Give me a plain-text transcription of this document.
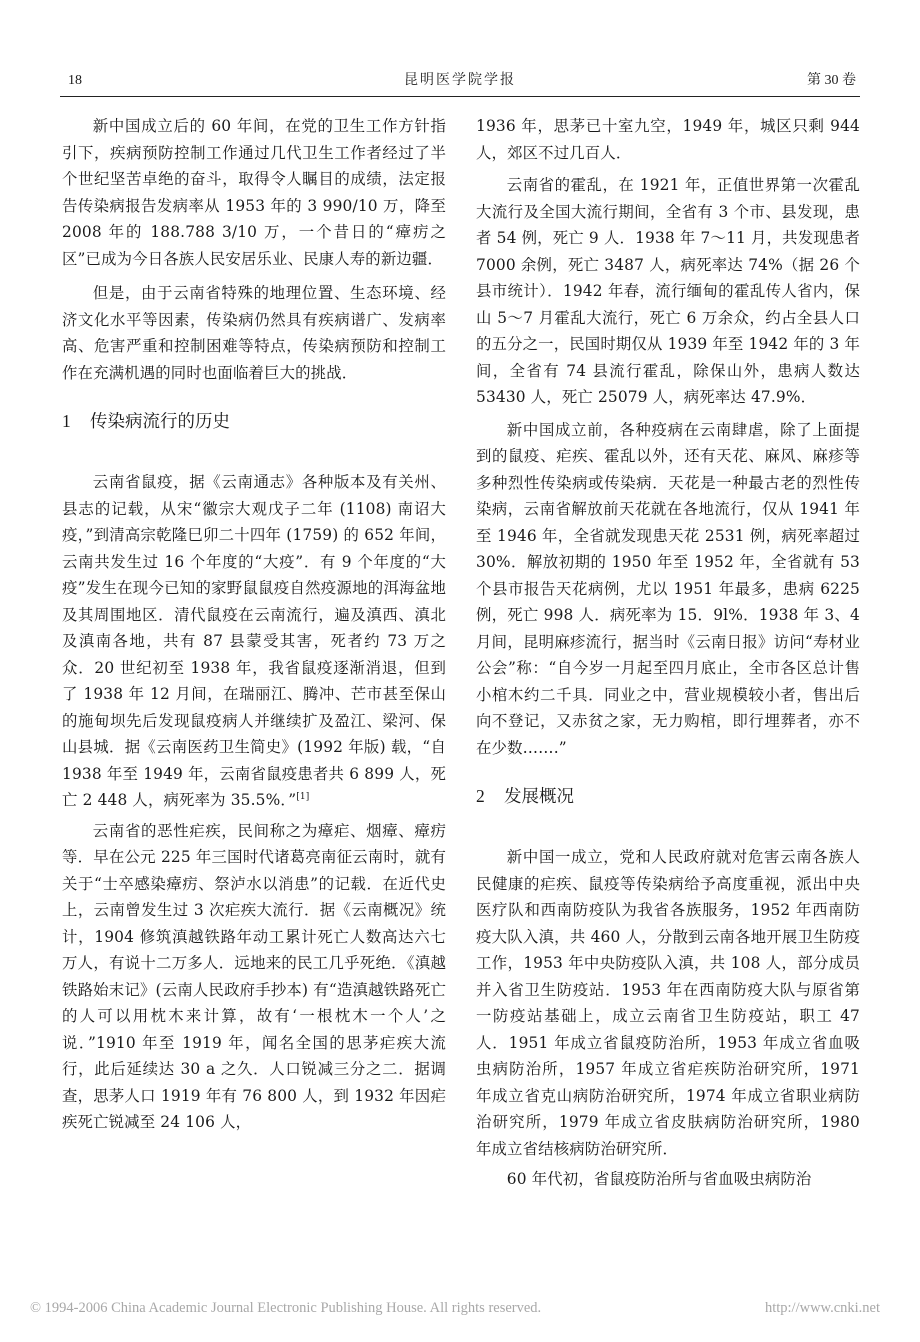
18	昆明医学院学报	第 30 卷

新中国成立后的 60 年间，在党的卫生工作方针指引下，疾病预防控制工作通过几代卫生工作者经过了半个世纪坚苦卓绝的奋斗，取得令人瞩目的成绩，法定报告传染病报告发病率从 1953 年的 3 990/10 万，降至 2008 年的 188.788 3/10 万，一个昔日的“瘴疠之区”已成为今日各族人民安居乐业、民康人寿的新边疆．

但是，由于云南省特殊的地理位置、生态环境、经济文化水平等因素，传染病仍然具有疾病谱广、发病率高、危害严重和控制困难等特点，传染病预防和控制工作在充满机遇的同时也面临着巨大的挑战．

1 传染病流行的历史

云南省鼠疫，据《云南通志》各种版本及有关州、县志的记载，从宋“徽宗大观戊子二年 (1108) 南诏大疫，”到清高宗乾隆巳卯二十四年 (1759) 的 652 年间，云南共发生过 16 个年度的“大疫”．有 9 个年度的“大疫”发生在现今已知的家野鼠鼠疫自然疫源地的洱海盆地及其周围地区．清代鼠疫在云南流行，遍及滇西、滇北及滇南各地，共有 87 县蒙受其害，死者约 73 万之众．20 世纪初至 1938 年，我省鼠疫逐渐消退，但到了 1938 年 12 月间，在瑞丽江、腾冲、芒市甚至保山的施甸坝先后发现鼠疫病人并继续扩及盈江、梁河、保山县城．据《云南医药卫生简史》(1992 年版) 载，“自 1938 年至 1949 年，云南省鼠疫患者共 6 899 人，死亡 2 448 人，病死率为 35.5%．”[1]

云南省的恶性疟疾，民间称之为瘴疟、烟瘴、瘴疠等．早在公元 225 年三国时代诸葛亮南征云南时，就有关于“士卒感染瘴疠、祭泸水以消患”的记载．在近代史上，云南曾发生过 3 次疟疾大流行．据《云南概况》统计，1904 修筑滇越铁路年动工累计死亡人数高达六七万人，有说十二万多人．远地来的民工几乎死绝．《滇越铁路始末记》(云南人民政府手抄本) 有“造滇越铁路死亡的人可以用枕木来计算，故有‘一根枕木一个人’之说．”1910 年至 1919 年，闻名全国的思茅疟疾大流行，此后延续达 30 a 之久．人口锐减三分之二．据调查，思茅人口 1919 年有 76 800 人，到 1932 年因疟疾死亡锐减至 24 106 人，

1936 年，思茅已十室九空，1949 年，城区只剩 944 人，郊区不过几百人．

云南省的霍乱，在 1921 年，正值世界第一次霍乱大流行及全国大流行期间，全省有 3 个市、县发现，患者 54 例，死亡 9 人．1938 年 7～11 月，共发现患者 7000 余例，死亡 3487 人，病死率达 74%（据 26 个县市统计）．1942 年春，流行缅甸的霍乱传人省内，保山 5～7 月霍乱大流行，死亡 6 万余众，约占全县人口的五分之一，民国时期仅从 1939 年至 1942 年的 3 年间，全省有 74 县流行霍乱，除保山外，患病人数达 53430 人，死亡 25079 人，病死率达 47.9%．

新中国成立前，各种疫病在云南肆虐，除了上面提到的鼠疫、疟疾、霍乱以外，还有天花、麻风、麻疹等多种烈性传染病或传染病．天花是一种最古老的烈性传染病，云南省解放前天花就在各地流行，仅从 1941 年至 1946 年，全省就发现患天花 2531 例，病死率超过 30%．解放初期的 1950 年至 1952 年，全省就有 53 个县市报告天花病例，尤以 1951 年最多，患病 6225 例，死亡 998 人．病死率为 15．9l%．1938 年 3、4 月间，昆明麻疹流行，据当时《云南日报》访问“寿材业公会”称：“自今岁一月起至四月底止，全市各区总计售小棺木约二千具．同业之中，营业规模较小者，售出后向不登记，又赤贫之家，无力购棺，即行埋葬者，亦不在少数…….”

2 发展概况

新中国一成立，党和人民政府就对危害云南各族人民健康的疟疾、鼠疫等传染病给予高度重视，派出中央医疗队和西南防疫队为我省各族服务，1952 年西南防疫大队入滇，共 460 人，分散到云南各地开展卫生防疫工作，1953 年中央防疫队入滇，共 108 人，部分成员并入省卫生防疫站．1953 年在西南防疫大队与原省第一防疫站基础上，成立云南省卫生防疫站，职工 47 人．1951 年成立省鼠疫防治所，1953 年成立省血吸虫病防治所，1957 年成立省疟疾防治研究所，1971 年成立省克山病防治研究所，1974 年成立省职业病防治研究所，1979 年成立省皮肤病防治研究所，1980 年成立省结核病防治研究所．

60 年代初，省鼠疫防治所与省血吸虫病防治

© 1994-2006 China Academic Journal Electronic Publishing House. All rights reserved.	http://www.cnki.net
